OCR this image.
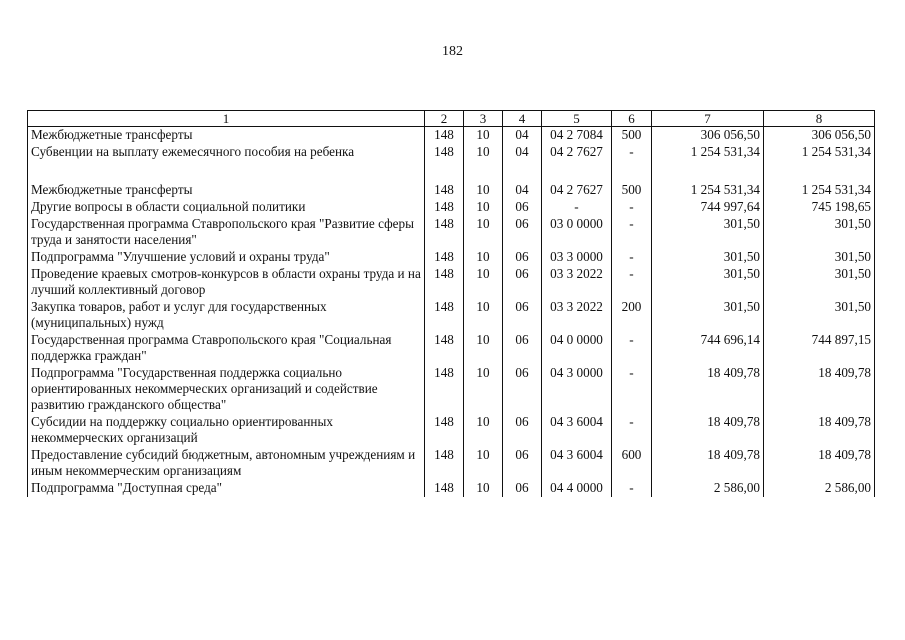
182
1	2	3	4	5	6	7	8
Межбюджетные трансферты	148	10	04	04 2 7084	500	306 056,50	306 056,50
Субвенции на выплату ежемесячного пособия на ребенка	148	10	04	04 2 7627	-	1 254 531,34	1 254 531,34

Межбюджетные трансферты	148	10	04	04 2 7627	500	1 254 531,34	1 254 531,34
Другие вопросы в области социальной политики	148	10	06	-	-	744 997,64	745 198,65
Государственная программа Ставропольского края "Развитие сферы труда и занятости населения"	148	10	06	03 0 0000	-	301,50	301,50
Подпрограмма "Улучшение условий и охраны труда"	148	10	06	03 3 0000	-	301,50	301,50
Проведение краевых смотров-конкурсов в области охраны труда и на лучший коллективный договор	148	10	06	03 3 2022	-	301,50	301,50
Закупка товаров, работ и услуг для государственных (муниципальных) нужд	148	10	06	03 3 2022	200	301,50	301,50
Государственная программа Ставропольского края "Социальная поддержка граждан"	148	10	06	04 0 0000	-	744 696,14	744 897,15
Подпрограмма "Государственная поддержка социально ориентированных некоммерческих организаций и содействие развитию гражданского общества"	148	10	06	04 3 0000	-	18 409,78	18 409,78
Субсидии на поддержку социально ориентированных некоммерческих организаций	148	10	06	04 3 6004	-	18 409,78	18 409,78
Предоставление субсидий бюджетным, автономным учреждениям и иным некоммерческим организациям	148	10	06	04 3 6004	600	18 409,78	18 409,78
Подпрограмма "Доступная среда"	148	10	06	04 4 0000	-	2 586,00	2 586,00
